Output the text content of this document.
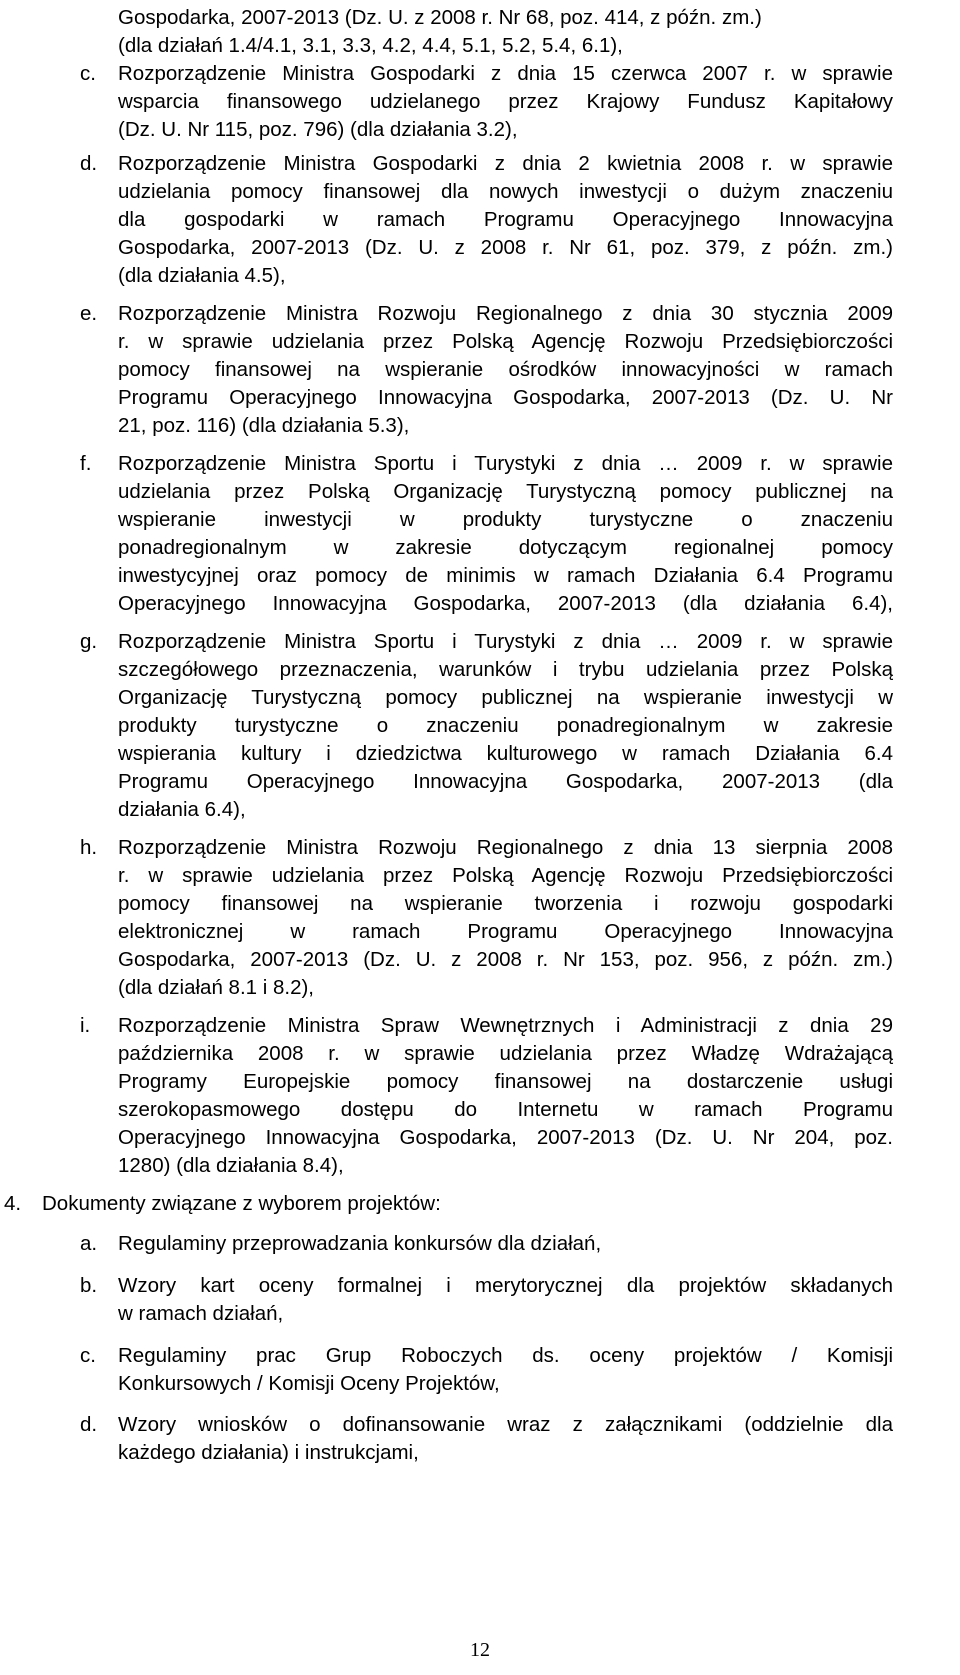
Gospodarka, 2007-2013 (Dz. U. z 2008 r. Nr 68, poz. 414, z późn. zm.)
(dla działań 1.4/4.1, 3.1, 3.3, 4.2, 4.4, 5.1, 5.2, 5.4, 6.1),
c. Rozporządzenie Ministra Gospodarki z dnia 15 czerwca 2007 r. w sprawie
wsparcia finansowego udzielanego przez Krajowy Fundusz Kapitałowy
(Dz. U. Nr 115, poz. 796) (dla działania 3.2),
d. Rozporządzenie Ministra Gospodarki z dnia 2 kwietnia 2008 r. w sprawie
udzielania pomocy finansowej dla nowych inwestycji o dużym znaczeniu
dla gospodarki w ramach Programu Operacyjnego Innowacyjna
Gospodarka, 2007-2013 (Dz. U. z 2008 r. Nr 61, poz. 379, z późn. zm.)
(dla działania 4.5),
e. Rozporządzenie Ministra Rozwoju Regionalnego z dnia 30 stycznia 2009
r. w sprawie udzielania przez Polską Agencję Rozwoju Przedsiębiorczości
pomocy finansowej na wspieranie ośrodków innowacyjności w ramach
Programu Operacyjnego Innowacyjna Gospodarka, 2007-2013 (Dz. U. Nr
21, poz. 116) (dla działania 5.3),
f. Rozporządzenie Ministra Sportu i Turystyki z dnia … 2009 r. w sprawie
udzielania przez Polską Organizację Turystyczną pomocy publicznej na
wspieranie inwestycji w produkty turystyczne o znaczeniu
ponadregionalnym w zakresie dotyczącym regionalnej pomocy
inwestycyjnej oraz pomocy de minimis w ramach Działania 6.4 Programu
Operacyjnego Innowacyjna Gospodarka, 2007-2013 (dla działania 6.4),
g. Rozporządzenie Ministra Sportu i Turystyki z dnia … 2009 r. w sprawie
szczegółowego przeznaczenia, warunków i trybu udzielania przez Polską
Organizację Turystyczną pomocy publicznej na wspieranie inwestycji w
produkty turystyczne o znaczeniu ponadregionalnym w zakresie
wspierania kultury i dziedzictwa kulturowego w ramach Działania 6.4
Programu Operacyjnego Innowacyjna Gospodarka, 2007-2013 (dla
działania 6.4),
h. Rozporządzenie Ministra Rozwoju Regionalnego z dnia 13 sierpnia 2008
r. w sprawie udzielania przez Polską Agencję Rozwoju Przedsiębiorczości
pomocy finansowej na wspieranie tworzenia i rozwoju gospodarki
elektronicznej w ramach Programu Operacyjnego Innowacyjna
Gospodarka, 2007-2013 (Dz. U. z 2008 r. Nr 153, poz. 956, z późn. zm.)
(dla działań 8.1 i 8.2),
i. Rozporządzenie Ministra Spraw Wewnętrznych i Administracji z dnia 29
października 2008 r. w sprawie udzielania przez Władzę Wdrażającą
Programy Europejskie pomocy finansowej na dostarczenie usługi
szerokopasmowego dostępu do Internetu w ramach Programu
Operacyjnego Innowacyjna Gospodarka, 2007-2013 (Dz. U. Nr 204, poz.
1280) (dla działania 8.4),
4. Dokumenty związane z wyborem projektów:
a. Regulaminy przeprowadzania konkursów dla działań,
b. Wzory kart oceny formalnej i merytorycznej dla projektów składanych
w ramach działań,
c. Regulaminy prac Grup Roboczych ds. oceny projektów / Komisji
Konkursowych / Komisji Oceny Projektów,
d. Wzory wniosków o dofinansowanie wraz z załącznikami (oddzielnie dla
każdego działania) i instrukcjami,
12
